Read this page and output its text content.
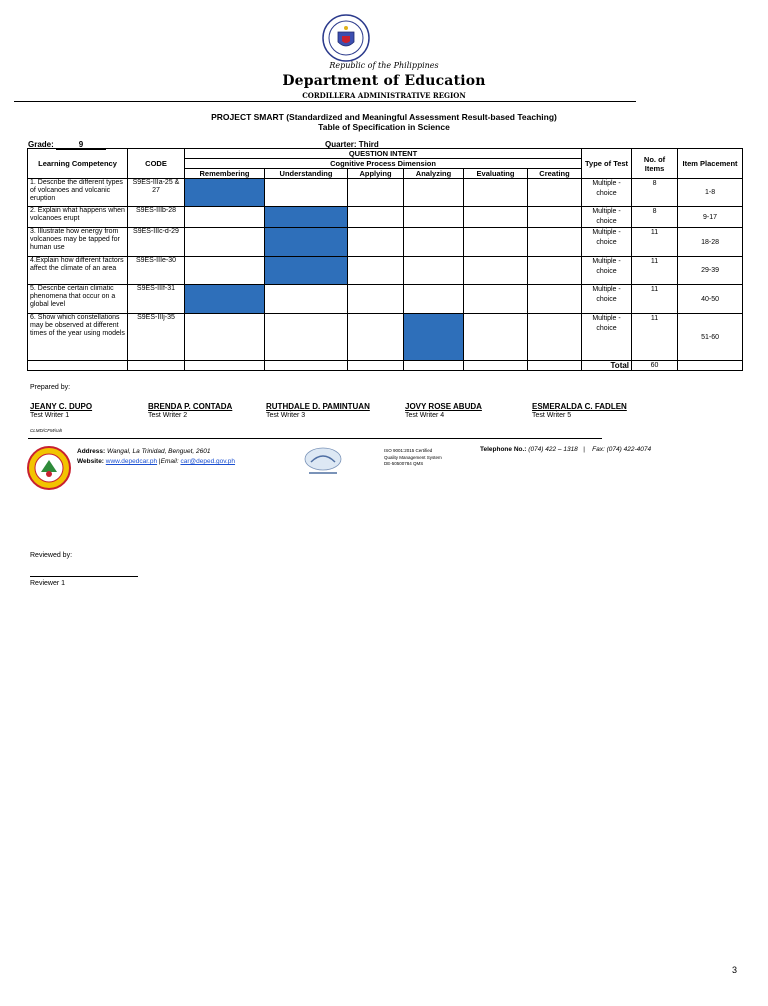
Republic of the Philippines
Department of Education
CORDILLERA ADMINISTRATIVE REGION
PROJECT SMART (Standardized and Meaningful Assessment Result-based Teaching)
Table of Specification in Science
Grade:	9	Quarter: Third
Learning Competency	CODE	QUESTION INTENT						Type of Test	No. of Items	Item Placement
		Cognitive Process Dimension								
		Remembering	Understanding	Applying	Analyzing	Evaluating	Creating			
1. Describe the different types of volcanoes and volcanic eruption	S9ES-IIIa-25 & 27							Multiple - choice	8	1-8
2. Explain what happens when volcanoes erupt	S9ES-IIIb-28							Multiple - choice	8	9-17
3. Illustrate how energy from volcanoes may be tapped for human use	S9ES-IIIc-d-29							Multiple - choice	11	18-28
4.Explain how different factors affect the climate of an area	S9ES-IIIe-30							Multiple - choice	11	29-39
5. Describe certain climatic phenomena that occur on a global level	S9ES-IIIf-31							Multiple - choice	11	40-50
6. Show which constellations may be observed at different times of the year using models	S9ES-IIIj-35							Multiple - choice	11	51-60
								Total	60	
Prepared by:
JEANY C. DUPO
Test Writer 1
BRENDA P. CONTADA
Test Writer 2
RUTHDALE D. PAMINTUAN
Test Writer 3
JOVY ROSE ABUDA
Test Writer 4
ESMERALDA C. FADLEN
Test Writer 5
CLMD/CFM/sah
Address: Wangal, La Trinidad, Benguet, 2601
Website: www.depedcar.ph |Email: car@deped.gov.ph
ISO 9001:2015 Certified
Quality Management System
DE-50500784 QMS
Telephone No.: (074) 422 – 1318 | Fax: (074) 422-4074
Reviewed by:
Reviewer 1
3
